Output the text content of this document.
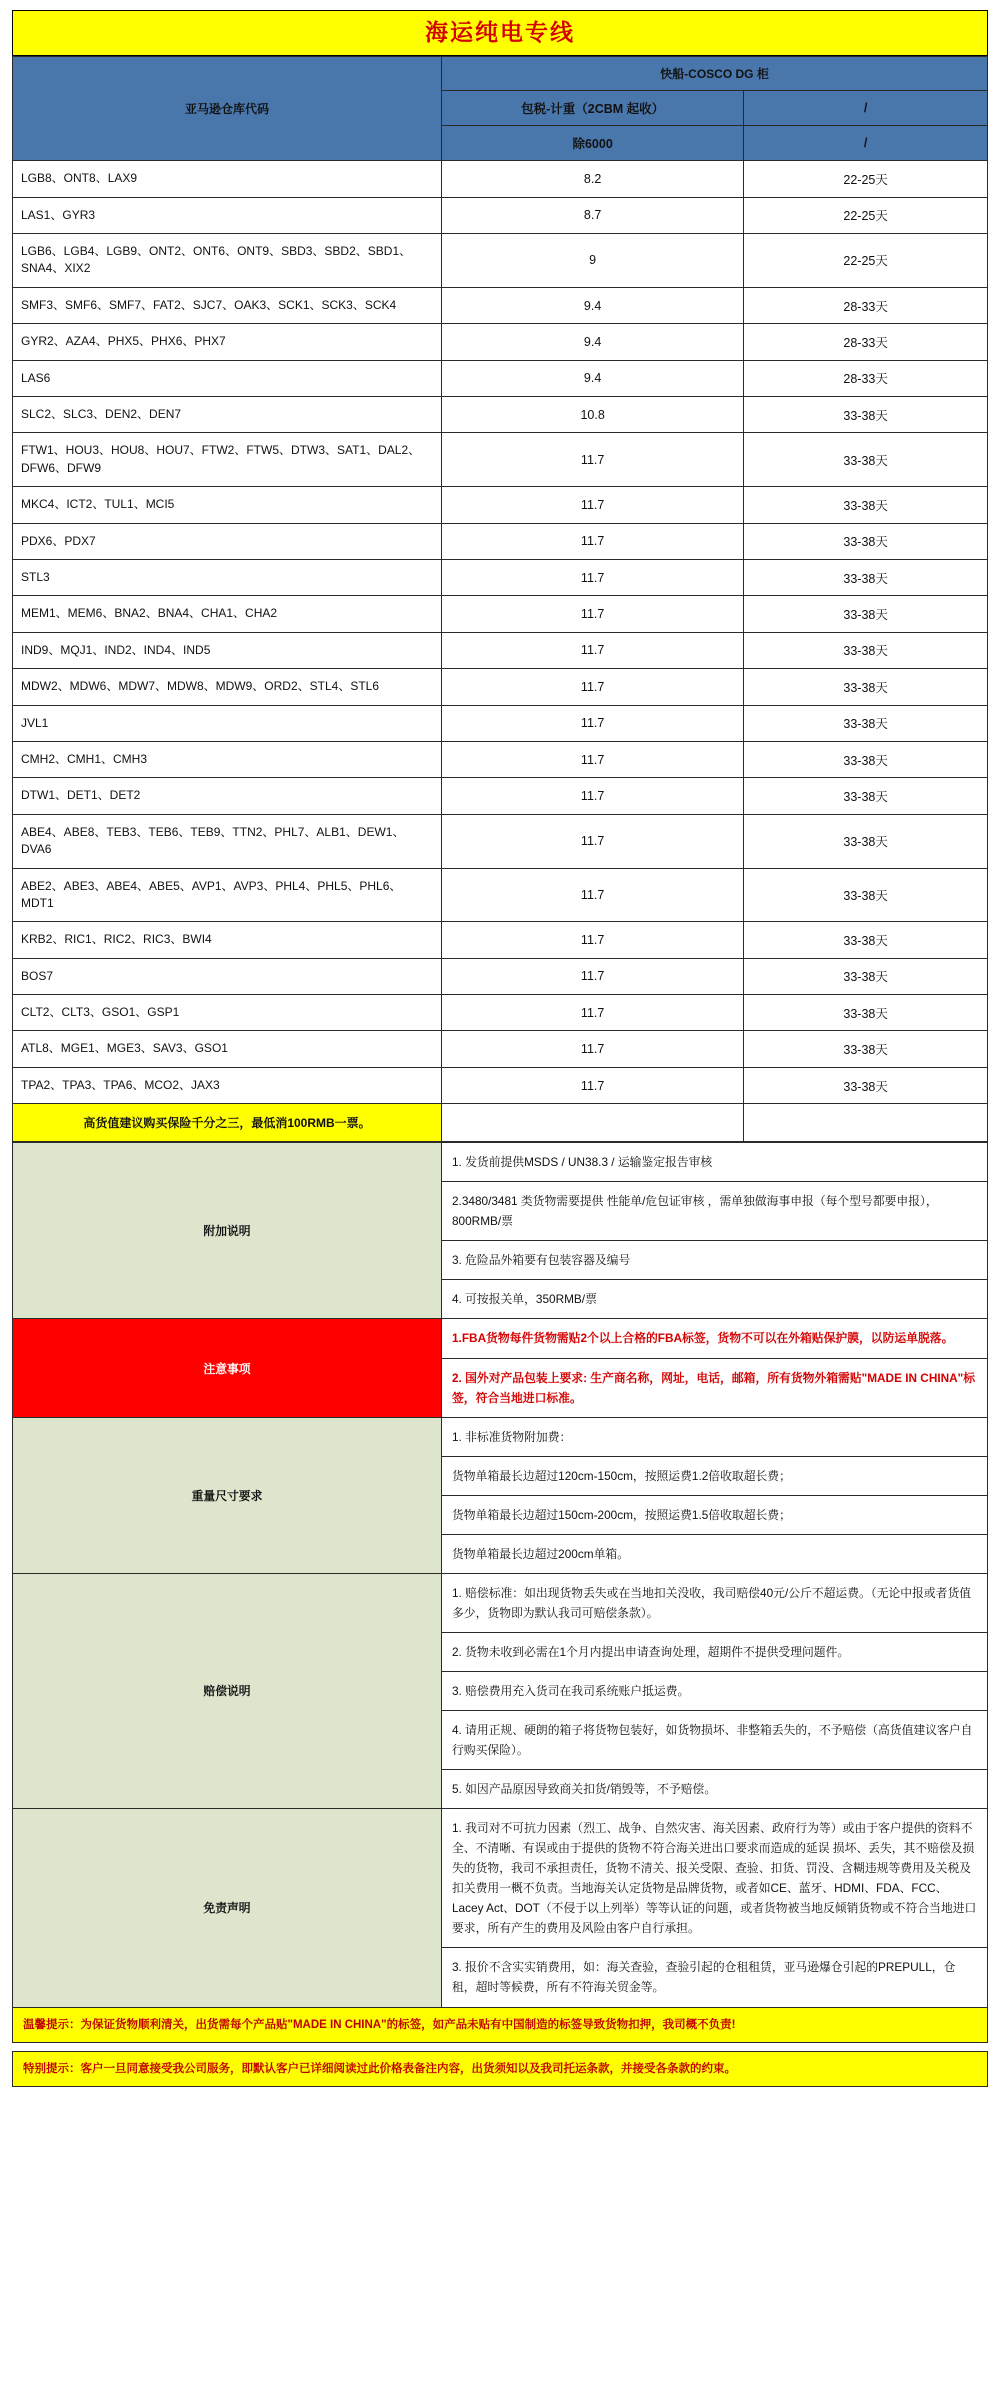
海运纯电专线
亚马逊仓库代码	快船-COSCO DG 柜	
	包税-计重（2CBM 起收）	/
	除6000	/
LGB8、ONT8、LAX9	8.2	22-25天
LAS1、GYR3	8.7	22-25天
LGB6、LGB4、LGB9、ONT2、ONT6、ONT9、SBD3、SBD2、SBD1、SNA4、XIX2	9	22-25天
SMF3、SMF6、SMF7、FAT2、SJC7、OAK3、SCK1、SCK3、SCK4	9.4	28-33天
GYR2、AZA4、PHX5、PHX6、PHX7	9.4	28-33天
LAS6	9.4	28-33天
SLC2、SLC3、DEN2、DEN7	10.8	33-38天
FTW1、HOU3、HOU8、HOU7、FTW2、FTW5、DTW3、SAT1、DAL2、DFW6、DFW9	11.7	33-38天
MKC4、ICT2、TUL1、MCI5	11.7	33-38天
PDX6、PDX7	11.7	33-38天
STL3	11.7	33-38天
MEM1、MEM6、BNA2、BNA4、CHA1、CHA2	11.7	33-38天
IND9、MQJ1、IND2、IND4、IND5	11.7	33-38天
MDW2、MDW6、MDW7、MDW8、MDW9、ORD2、STL4、STL6	11.7	33-38天
JVL1	11.7	33-38天
CMH2、CMH1、CMH3	11.7	33-38天
DTW1、DET1、DET2	11.7	33-38天
ABE4、ABE8、TEB3、TEB6、TEB9、TTN2、PHL7、ALB1、DEW1、DVA6	11.7	33-38天
ABE2、ABE3、ABE4、ABE5、AVP1、AVP3、PHL4、PHL5、PHL6、MDT1	11.7	33-38天
KRB2、RIC1、RIC2、RIC3、BWI4	11.7	33-38天
BOS7	11.7	33-38天
CLT2、CLT3、GSO1、GSP1	11.7	33-38天
ATL8、MGE1、MGE3、SAV3、GSO1	11.7	33-38天
TPA2、TPA3、TPA6、MCO2、JAX3	11.7	33-38天
高货值建议购买保险千分之三，最低消100RMB一票。		
附加说明	1. 发货前提供MSDS / UN38.3 / 运输鉴定报告审核
	2.3480/3481 类货物需要提供 性能单/危包证审核 ，需单独做海事申报（每个型号都要申报），800RMB/票
	3. 危险品外箱要有包装容器及编号
	4. 可按报关单，350RMB/票
注意事项	1.FBA货物每件货物需贴2个以上合格的FBA标签，货物不可以在外箱贴保护膜，以防运单脱落。
	2. 国外对产品包装上要求: 生产商名称，网址，电话，邮箱，所有货物外箱需贴"MADE IN CHINA"标签，符合当地进口标准。
重量尺寸要求	1. 非标准货物附加费：
	货物单箱最长边超过120cm-150cm，按照运费1.2倍收取超长费；
	货物单箱最长边超过150cm-200cm，按照运费1.5倍收取超长费；
	货物单箱最长边超过200cm单箱。
赔偿说明	1. 赔偿标准：如出现货物丢失或在当地扣关没收，我司赔偿40元/公斤不超运费。（无论中报或者货值多少，货物即为默认我司可赔偿条款）。
	2. 货物未收到必需在1个月内提出申请查询处理，超期件不提供受理问题件。
	3. 赔偿费用充入货司在我司系统账户抵运费。
	4. 请用正规、硬朗的箱子将货物包装好，如货物损坏、非整箱丢失的，不予赔偿（高货值建议客户自行购买保险）。
	5. 如因产品原因导致商关扣货/销毁等，不予赔偿。
免责声明	1. 我司对不可抗力因素（烈工、战争、自然灾害、海关因素、政府行为等）或由于客户提供的资料不全、不清晰、有误或由于提供的货物不符合海关进出口要求而造成的延误 损坏、丢失，其不赔偿及损失的货物，我司不承担责任，货物不清关、报关受限、查验、扣货、罚没、含糊违规等费用及关税及扣关费用一概不负责。当地海关认定货物是品牌货物，或者如CE、蓝牙、HDMI、FDA、FCC、Lacey Act、DOT（不侵于以上列举）等等认证的问题，或者货物被当地反倾销货物或不符合当地进口要求，所有产生的费用及风险由客户自行承担。
	3. 报价不含实实销费用，如：海关查验，查验引起的仓租租赁，亚马逊爆仓引起的PREPULL，仓租，超时等候费，所有不符海关贸金等。
温馨提示：为保证货物顺利清关，出货需每个产品贴"MADE IN CHINA"的标签，如产品未贴有中国制造的标签导致货物扣押，我司概不负责!
特别提示：客户一旦同意接受我公司服务，即默认客户已详细阅读过此价格表备注内容，出货须知以及我司托运条款，并接受各条款的约束。
